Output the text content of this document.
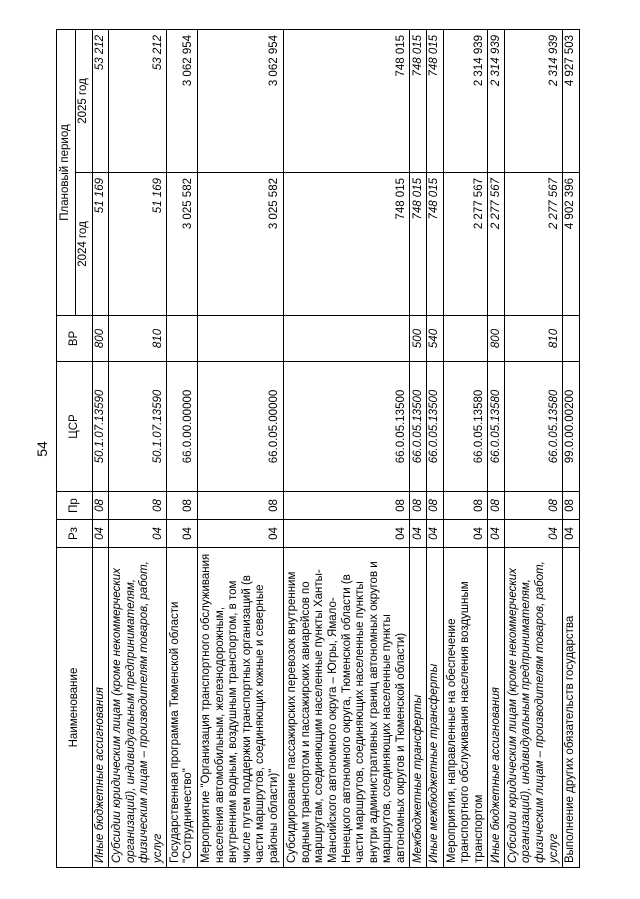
54
Наименование	Рз	Пр	ЦСР	ВР	Плановый период	
					2024 год	2025 год
Иные бюджетные ассигнования	04	08	50.1.07.13590	800	51 169	53 212
Субсидии юридическим лицам (кроме некоммерческих организаций), индивидуальным предпринимателям, физическим лицам – производителям товаров, работ, услуг	04	08	50.1.07.13590	810	51 169	53 212
Государственная программа Тюменской области "Сотрудничество"	04	08	66.0.00.00000		3 025 582	3 062 954
Мероприятие "Организация транспортного обслуживания населения автомобильным, железнодорожным, внутренним водным, воздушным транспортом, в том числе путем поддержки транспортных организаций (в части маршрутов, соединяющих южные и северные районы области)"	04	08	66.0.05.00000		3 025 582	3 062 954
Субсидирование пассажирских перевозок внутренним водным транспортом и пассажирских авиарейсов по маршрутам, соединяющим населенные пункты Ханты-Мансийского автономного округа – Югры, Ямало-Ненецкого автономного округа, Тюменской области (в части маршрутов, соединяющих населенные пункты внутри административных границ автономных округов и маршрутов, соединяющих населенные пункты автономных округов и Тюменской области)	04	08	66.0.05.13500		748 015	748 015
Межбюджетные трансферты	04	08	66.0.05.13500	500	748 015	748 015
Иные межбюджетные трансферты	04	08	66.0.05.13500	540	748 015	748 015
Мероприятия, направленные на обеспечение транспортного обслуживания населения воздушным транспортом	04	08	66.0.05.13580		2 277 567	2 314 939
Иные бюджетные ассигнования	04	08	66.0.05.13580	800	2 277 567	2 314 939
Субсидии юридическим лицам (кроме некоммерческих организаций), индивидуальным предпринимателям, физическим лицам – производителям товаров, работ, услуг	04	08	66.0.05.13580	810	2 277 567	2 314 939
Выполнение других обязательств государства	04	08	99.0.00.00200		4 902 396	4 927 503
